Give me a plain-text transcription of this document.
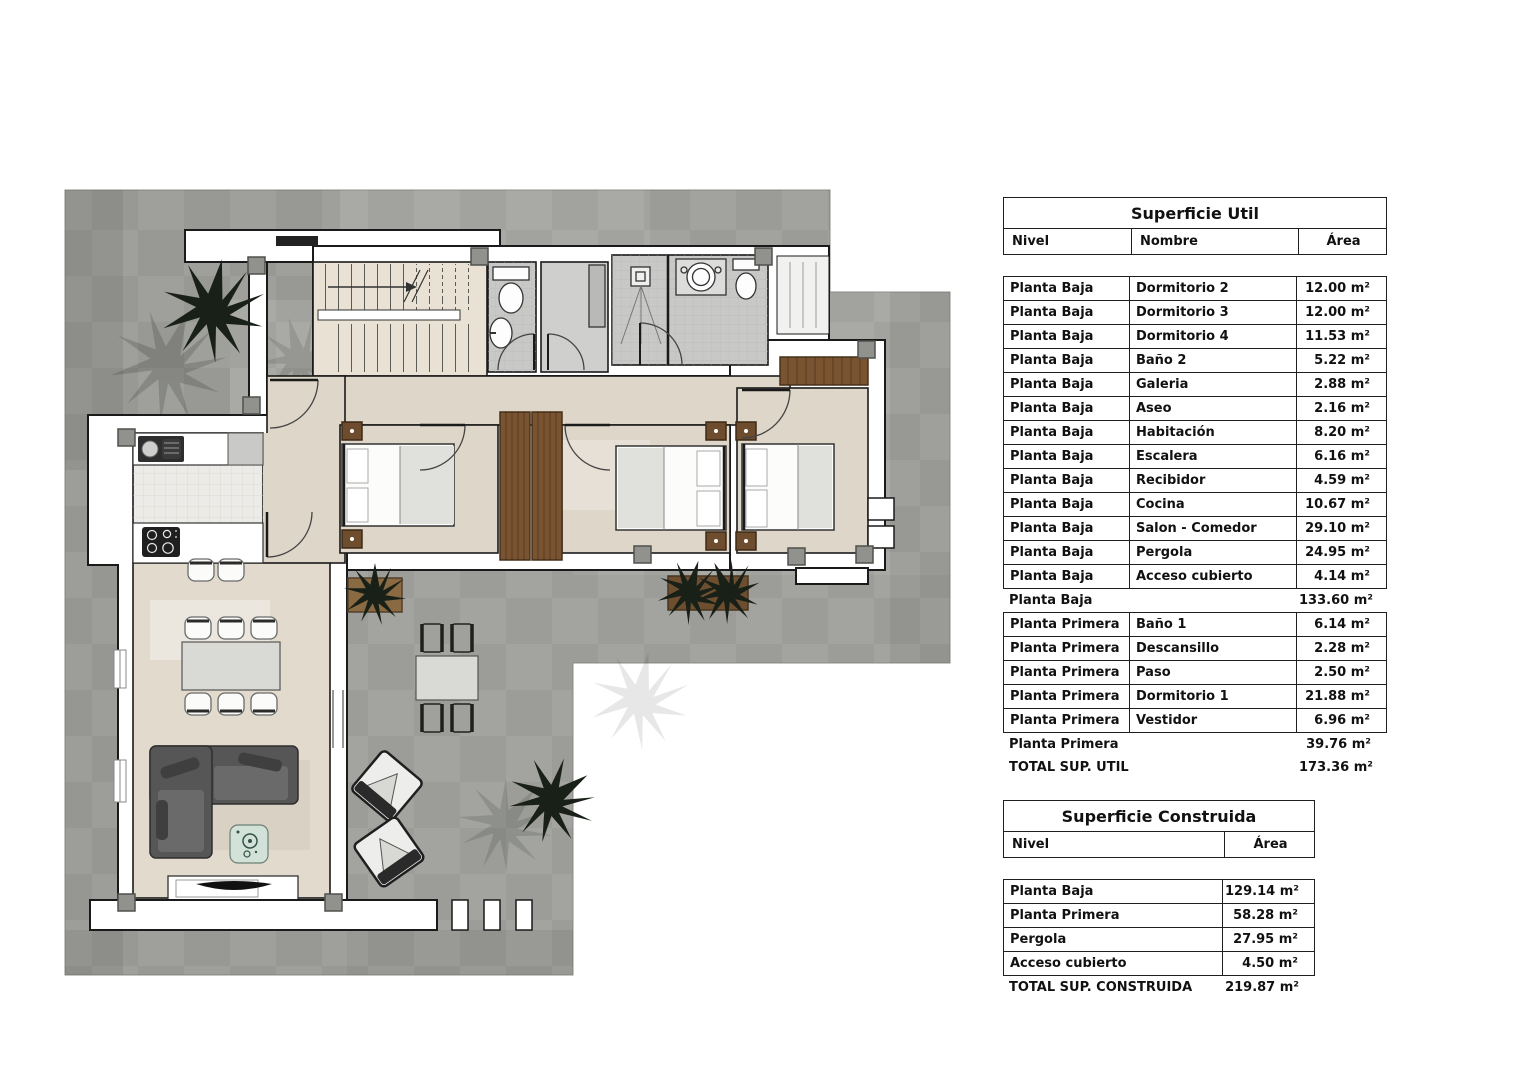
Superficie Util
Nivel	Nombre	Área
Planta Baja	Dormitorio 2	12.00 m²
Planta Baja	Dormitorio 3	12.00 m²
Planta Baja	Dormitorio 4	11.53 m²
Planta Baja	Baño 2	5.22 m²
Planta Baja	Galeria	2.88 m²
Planta Baja	Aseo	2.16 m²
Planta Baja	Habitación	8.20 m²
Planta Baja	Escalera	6.16 m²
Planta Baja	Recibidor	4.59 m²
Planta Baja	Cocina	10.67 m²
Planta Baja	Salon - Comedor	29.10 m²
Planta Baja	Pergola	24.95 m²
Planta Baja	Acceso cubierto	4.14 m²
Planta Baja	133.60 m²
Planta Primera	Baño 1	6.14 m²
Planta Primera	Descansillo	2.28 m²
Planta Primera	Paso	2.50 m²
Planta Primera	Dormitorio 1	21.88 m²
Planta Primera	Vestidor	6.96 m²
Planta Primera	39.76 m²
TOTAL SUP. UTIL	173.36 m²
Superficie Construida
Nivel	Área
Planta Baja	129.14 m²
Planta Primera	58.28 m²
Pergola	27.95 m²
Acceso cubierto	4.50 m²
TOTAL SUP. CONSTRUIDA	219.87 m²
